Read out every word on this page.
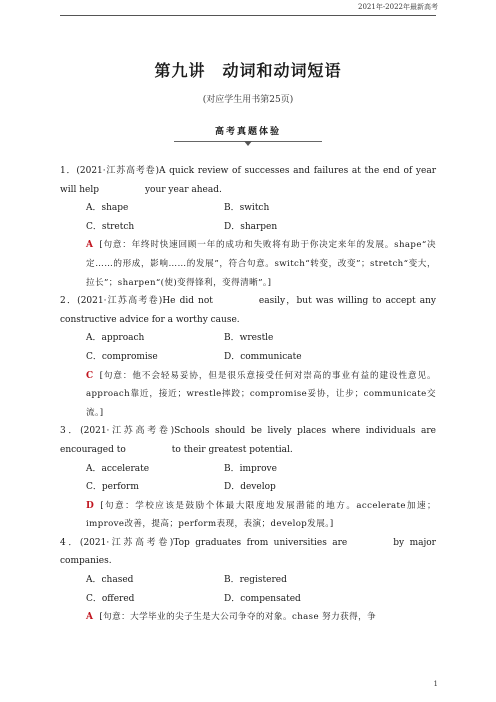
2021年-2022年最新高考
第九讲　动词和动词短语
(对应学生用书第25页)
高考真题体验

1．(2021·江苏高考卷)A quick review of successes and failures at the end of year will help	your year ahead.

A．shape	B．switch
C．stretch	D．sharpen

A [句意：年终时快速回顾一年的成功和失败将有助于你决定来年的发展。shape“决定……的形成，影响……的发展”，符合句意。switch“转变，改变”；stretch“变大，拉长”；sharpen“(使)变得锋利，变得清晰”。]

2．(2021·江苏高考卷)He did not	easily，but was willing to accept any constructive advice for a worthy cause.

A．approach	B．wrestle
C．compromise	D．communicate

C [句意：他不会轻易妥协，但是很乐意接受任何对崇高的事业有益的建设性意见。approach靠近，接近；wrestle摔跤；compromise妥协，让步；communicate交流。]

3．(2021·江苏高考卷)Schools should be lively places where individuals are encouraged to	to their greatest potential.

A．accelerate	B．improve
C．perform	D．develop

D [句意：学校应该是鼓励个体最大限度地发展潜能的地方。accelerate加速；improve改善，提高；perform表现，表演；develop发展。]

4．(2021·江苏高考卷)Top graduates from universities are	by major companies.

A．chased	B．registered
C．offered	D．compensated

A [句意：大学毕业的尖子生是大公司争夺的对象。chase 努力获得，争

1
